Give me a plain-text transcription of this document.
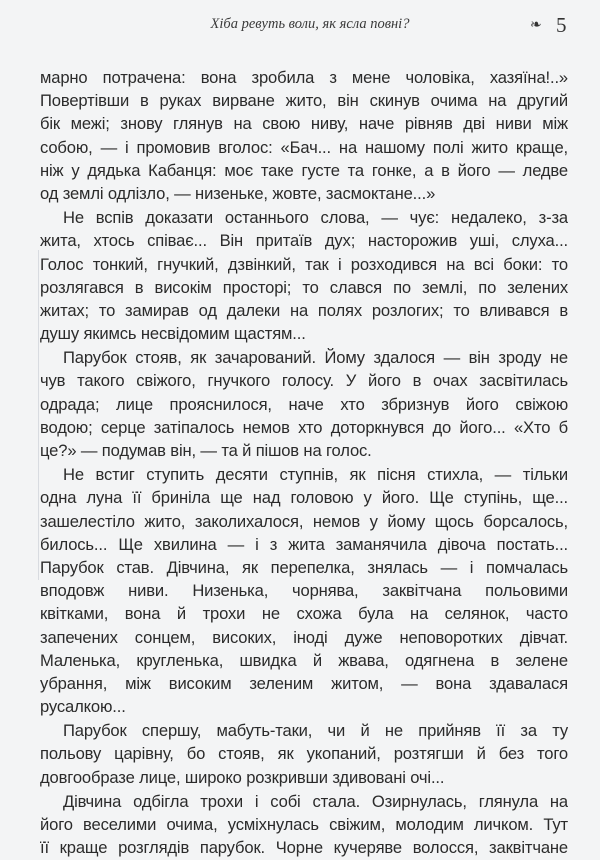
Хіба ревуть воли, як ясла повні?	❧ 5
марно потрачена: вона зробила з мене чоловіка, хазяїна!..»
Повертівши в руках вирване жито, він скинув очима на другий
бік межі; знову глянув на свою ниву, наче рівняв дві ниви між
собою, — і промовив вголос: «Бач... на нашому полі жито краще,
ніж у дядька Кабанця: моє таке густе та гонке, а в його — ледве
од землі одлізло, — низеньке, жовте, засмоктане...»
Не вспів доказати останнього слова, — чує: недалеко, з-за
жита, хтось співає... Він притаїв дух; насторожив уші, слуха...
Голос тонкий, гнучкий, дзвінкий, так і розходився на всі боки: то
розлягався в високім просторі; то слався по землі, по зелених
житах; то замирав од далеки на полях розлогих; то вливався в
душу якимсь несвідомим щастям...
Парубок стояв, як зачарований. Йому здалося — він зроду не
чув такого свіжого, гнучкого голосу. У його в очах засвітилась
одрада; лице прояснилося, наче хто збризнув його свіжою
водою; серце затіпалось немов хто доторкнувся до його... «Хто б
це?» — подумав він, — та й пішов на голос.
Не встиг ступить десяти ступнів, як пісня стихла, — тільки
одна луна її бриніла ще над головою у його. Ще ступінь, ще...
зашелестіло жито, заколихалося, немов у йому щось борсалось,
билось... Ще хвилина — і з жита заманячила дівоча постать...
Парубок став. Дівчина, як перепелка, знялась — і помчалась
вподовж ниви. Низенька, чорнява, заквітчана польовими
квітками, вона й трохи не схожа була на селянок, часто
запечених сонцем, високих, іноді дуже неповоротких дівчат.
Маленька, кругленька, швидка й жвава, одягнена в зелене
убрання, між високим зеленим житом, — вона здавалася
русалкою...
Парубок спершу, мабуть-таки, чи й не прийняв її за ту
польову царівну, бо стояв, як укопаний, розтягши й без того
довгообразе лице, широко розкривши здивовані очі...
Дівчина одбігла трохи і собі стала. Озирнулась, глянула на
його веселими очима, усміхнулась свіжим, молодим личком. Тут
її краще розглядів парубок. Чорне кучеряве волосся, заквітчане
